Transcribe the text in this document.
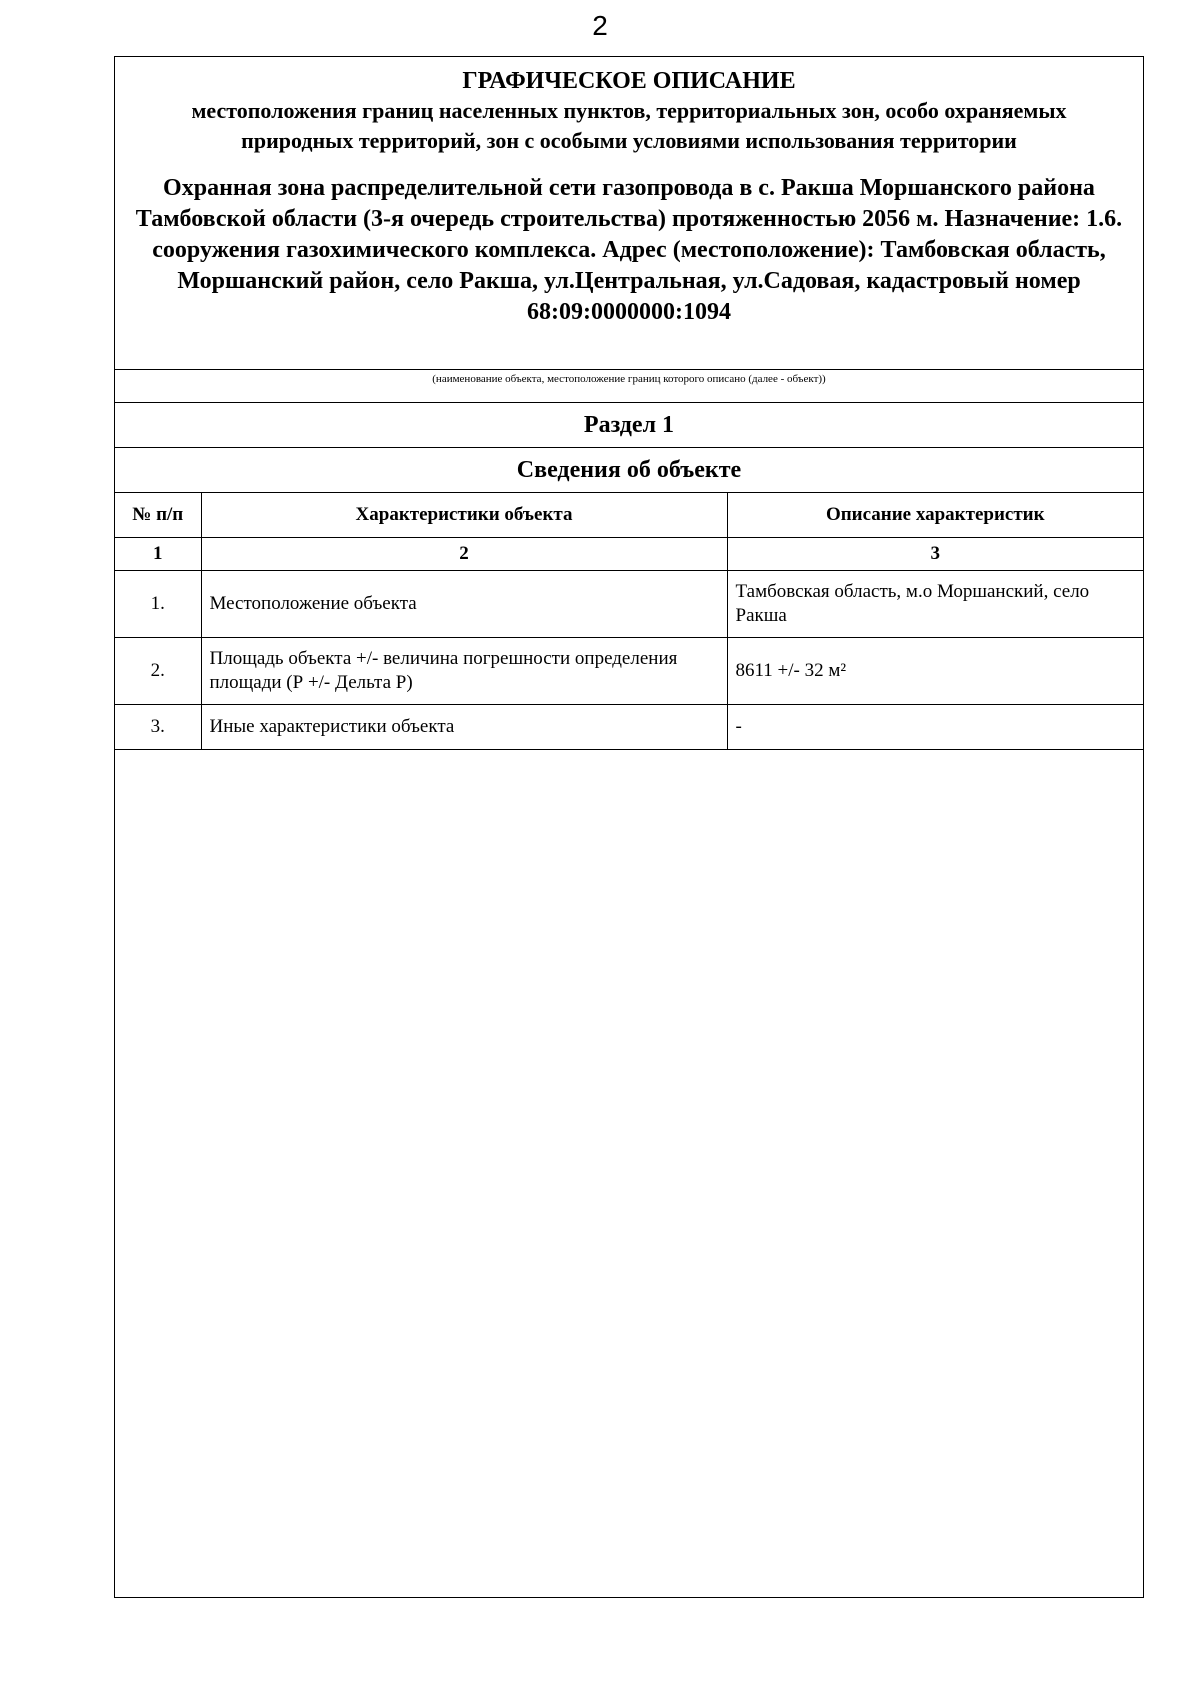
2
ГРАФИЧЕСКОЕ ОПИСАНИЕ
местоположения границ населенных пунктов, территориальных зон, особо охраняемых природных территорий, зон с особыми условиями использования территории
Охранная зона распределительной сети газопровода в с. Ракша Моршанского района Тамбовской области (3-я очередь строительства) протяженностью 2056 м. Назначение: 1.6. сооружения газохимического комплекса. Адрес (местоположение): Тамбовская область, Моршанский район, село Ракша, ул.Центральная, ул.Садовая, кадастровый номер 68:09:0000000:1094
(наименование объекта, местоположение границ которого описано (далее - объект))
Раздел 1		
Сведения об объекте		
№ п/п	Характеристики объекта	Описание характеристик
1	2	3
1.	Местоположение объекта	Тамбовская область, м.о Моршанский, село Ракша
2.	Площадь объекта +/- величина погрешности определения площади (Р +/- Дельта Р)	8611 +/- 32 м²
3.	Иные характеристики объекта	-
